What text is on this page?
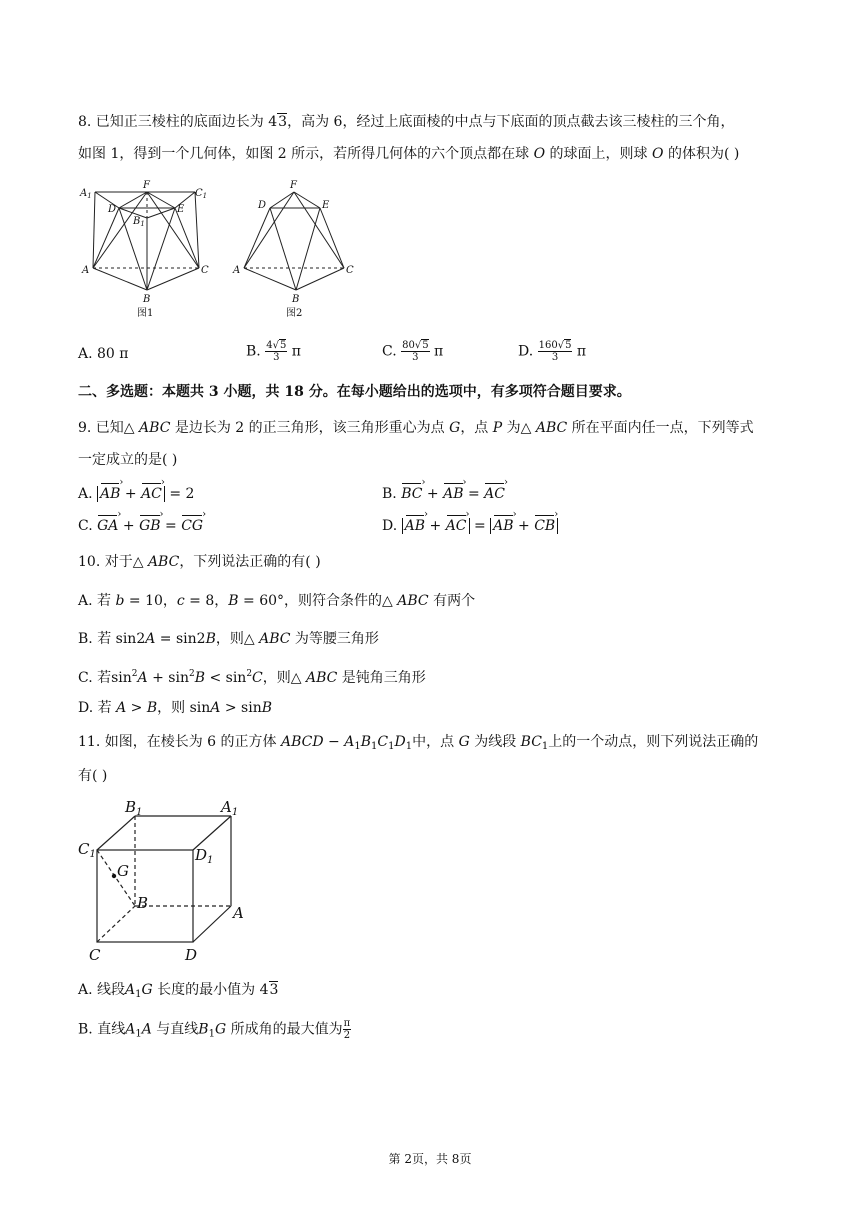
8. 已知正三棱柱的底面边长为 43，高为 6，经过上底面棱的中点与下底面的顶点截去该三棱柱的三个角，
如图 1，得到一个几何体，如图 2 所示，若所得几何体的六个顶点都在球 O 的球面上，则球 O 的体积为( )
$A_1$
F
$C_1$
D	E
$B_1$
A	C
B
图1
F
D	E
A	C
B
图2
A. 80 π	B. $\frac{4√5}{3}$ π	C. $\frac{80√5}{3}$ π	D. $\frac{160√5}{3}$ π
二、多选题：本题共 3 小题，共 18 分。在每小题给出的选项中，有多项符合题目要求。
9. 已知△ ABC 是边长为 2 的正三角形，该三角形重心为点 G，点 P 为△ ABC 所在平面内任一点，下列等式
一定成立的是( )
A. AB › + AC › = 2	B. BC › + AB › = AC ›
C. GA › + GB › = CG ›	D. AB › + AC › = AB › + CB ›
10. 对于△ ABC，下列说法正确的有( )
A. 若 b = 10，c = 8，B = 60°，则符合条件的△ ABC 有两个
B. 若 sin2A = sin2B，则△ ABC 为等腰三角形
C. 若$\sin^2A + \sin^2B < \sin^2C$，则△ ABC 是钝角三角形
D. 若 A > B，则 sinA > sinB
11. 如图，在棱长为 6 的正方体 ABCD − $A_1B_1C_1D_1$中，点 G 为线段 $BC_1$上的一个动点，则下列说法正确的
有( )
$B_1$	$A_1$
$C_1$	$D_1$
G
B
A
C	D
A. 线段$A_1G$ 长度的最小值为 43
B. 直线$A_1A$ 与直线$B_1G$ 所成角的最大值为 $\frac{\pi}{2}$
第 2页，共 8页
